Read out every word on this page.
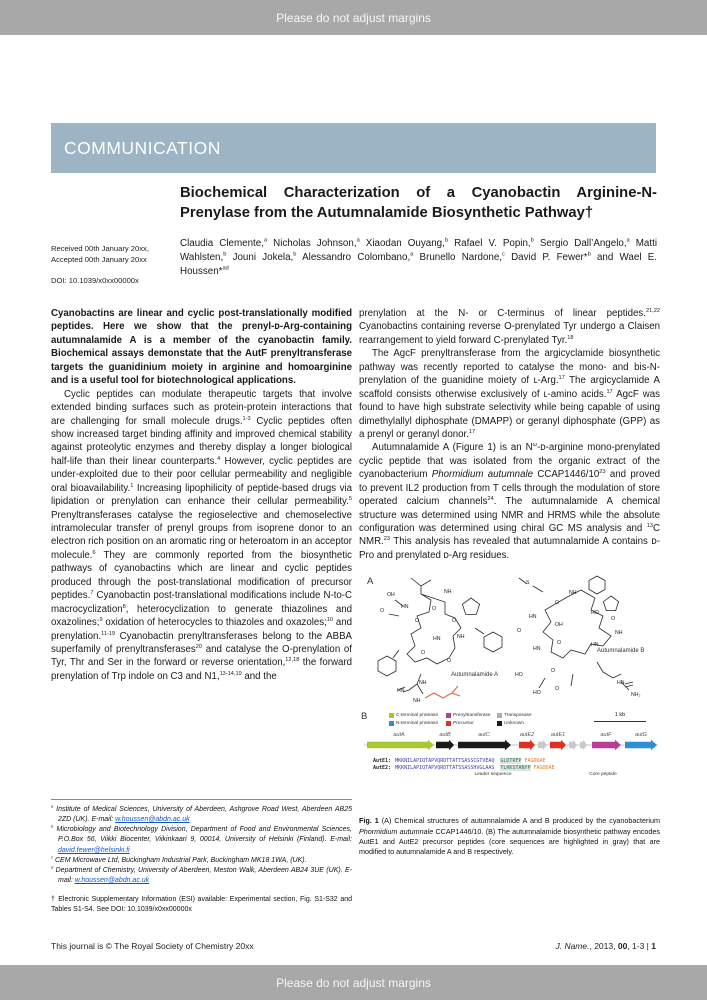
Please do not adjust margins
COMMUNICATION
Biochemical Characterization of a Cyanobactin Arginine-N-Prenylase from the Autumnalamide Biosynthetic Pathway†
Claudia Clemente,$^a$ Nicholas Johnson,$^a$ Xiaodan Ouyang,$^b$ Rafael V. Popin,$^b$ Sergio Dall’Angelo,$^a$ Matti Wahlsten,$^b$ Jouni Jokela,$^b$ Alessandro Colombano,$^a$ Brunello Nardone,$^c$ David P. Fewer*$^b$ and Wael E. Houssen*$^{ad}$
Received 00th January 20xx,
Accepted 00th January 20xx
DOI: 10.1039/x0xx00000x

Cyanobactins are linear and cyclic post-translationally modified peptides. Here we show that the prenyl-ᴅ-Arg-containing autumnalamide A is a member of the cyanobactin family. Biochemical assays demonstate that the AutF prenyltransferase targets the guanidinium moiety in arginine and homoarginine and is a useful tool for biotechnological applications.

Cyclic peptides can modulate therapeutic targets that involve extended binding surfaces such as protein-protein interactions that are challenging for small molecule drugs.$^{1-3}$ Cyclic peptides often show increased target binding affinity and improved chemical stability against proteolytic enzymes and thereby display a longer biological half-life than their linear counterparts.$^4$ However, cyclic peptides are under-exploited due to their poor cellular permeability and negligible oral bioavailability.$^1$ Increasing lipophilicity of peptide-based drugs via lipidation or prenylation can enhance their cellular permeability.$^5$ Prenyltransferases catalyse the regioselective and chemoselective intramolecular transfer of prenyl groups from isoprene donor to an electron rich position on an aromatic ring or heteroatom in an acceptor molecule.$^6$ They are commonly reported from the biosynthetic pathways of cyanobactins which are linear and cyclic peptides produced through the post-translational modification of precursor peptides.$^7$ Cyanobactin post-translational modifications include N-to-C macrocyclization$^8$, heterocyclization to generate thiazolines and oxazolines;$^9$ oxidation of heterocycles to thiazoles and oxazoles;$^{10}$ and prenylation.$^{11-19}$ Cyanobactin prenyltransferases belong to the ABBA superfamily of prenyltransferases$^{20}$ and catalyse the O-prenylation of Tyr, Thr and Ser in the forward or reverse orientation,$^{12,18}$ the forward prenylation of Trp indole on C3 and N1,$^{13-14,19}$ and the

$^a$ Institute of Medical Sciences, University of Aberdeen, Ashgrove Road West, Aberdeen AB25 2ZD (UK). E-mail: w.houssen@abdn.ac.uk

$^b$ Microbiology and Biotechnology Division, Department of Food and Environmental Sciences, P.O.Box 56, Viikki Biocenter, Viikinkaari 9, 00014, University of Helsinki (Finland). E-mail: david.fewer@helsinki.fi

$^c$ CEM Microwave Ltd, Buckingham Industrial Park, Buckingham MK18 1WA, (UK).

$^d$ Department of Chemistry, University of Aberdeen, Meston Walk, Aberdeen AB24 3UE (UK). E-mail: w.houssen@abdn.ac.uk

† Electronic Supplementary Information (ESI) available: Experimental section, Fig. S1-S32 and Tables S1-S4. See DOI: 10.1039/x0xx00000x

prenylation at the N- or C-terminus of linear peptides.$^{21,22}$ Cyanobactins containing reverse O-prenylated Tyr undergo a Claisen rearrangement to yield forward C-prenylated Tyr.$^{18}$

The AgcF prenyltransferase from the argicyclamide biosynthetic pathway was recently reported to catalyse the mono- and bis-N-prenylation of the guanidine moiety of ʟ-Arg.$^{17}$ The argicyclamide A scaffold consists otherwise exclusively of ʟ-amino acids.$^{17}$ AgcF was found to have high substrate selectivity while being capable of using dimethylallyl diphosphate (DMAPP) or geranyl diphosphate (GPP) as a prenyl or geranyl donor.$^{17}$

Autumnalamide A (Figure 1) is an $N^\omega-ᴅ$-arginine mono-prenylated cyclic peptide that was isolated from the organic extract of the cyanobacterium Phormidium autumnale $CCAP1446/10^{23}$ and proved to prevent IL2 production from T cells through the modulation of store operated calcium channels$^{24}$. The autumnalamide A chemical structure was determined using NMR and HRMS while the absolute configuration was determined using chiral GC MS analysis and $^{13}$C NMR.$^{23}$ This analysis has revealed that autumnalamide A contains ᴅ-Pro and prenylated ᴅ-Arg residues.

A
Autumnalamide A
Autumnalamide B
OH
O
HN
O
O
NH
O
HN
O
NH
O
HN
NH
NH
S
O
NH
HN
O
OH
HO
O
NH
HN
O
HN
HO
O
HO
O
HN
NH₂
B	C-terminal protease	Prenyltransferase	Transposase
N-terminal protease	Precursor	Unknown
1 kb
autA	autB	autC	autE2	autE1	autF	autG
AutE1: MKKNILAPIQTAPVQRDTTATTSASSCGTVEAQ GLDTRFP FAGDDAE
AutE2: MKKNILAPIQTAPVQRDTTATSSASSHVGLAAS TLRKSTANYP FAGDDAE
Leader sequence	Core peptide
Fig. 1 (A) Chemical structures of autumnalamide A and B produced by the cyanobacterium Phormidium autumnale CCAP1446/10. (B) The autumnalamide biosynthetic pathway encodes AutE1 and AutE2 precursor peptides (core sequences are highlighted in gray) that are modified to autumnalamide A and B respectively.
This journal is © The Royal Society of Chemistry 20xx	J. Name., 2013, 00, 1-3 | 1
Please do not adjust margins
